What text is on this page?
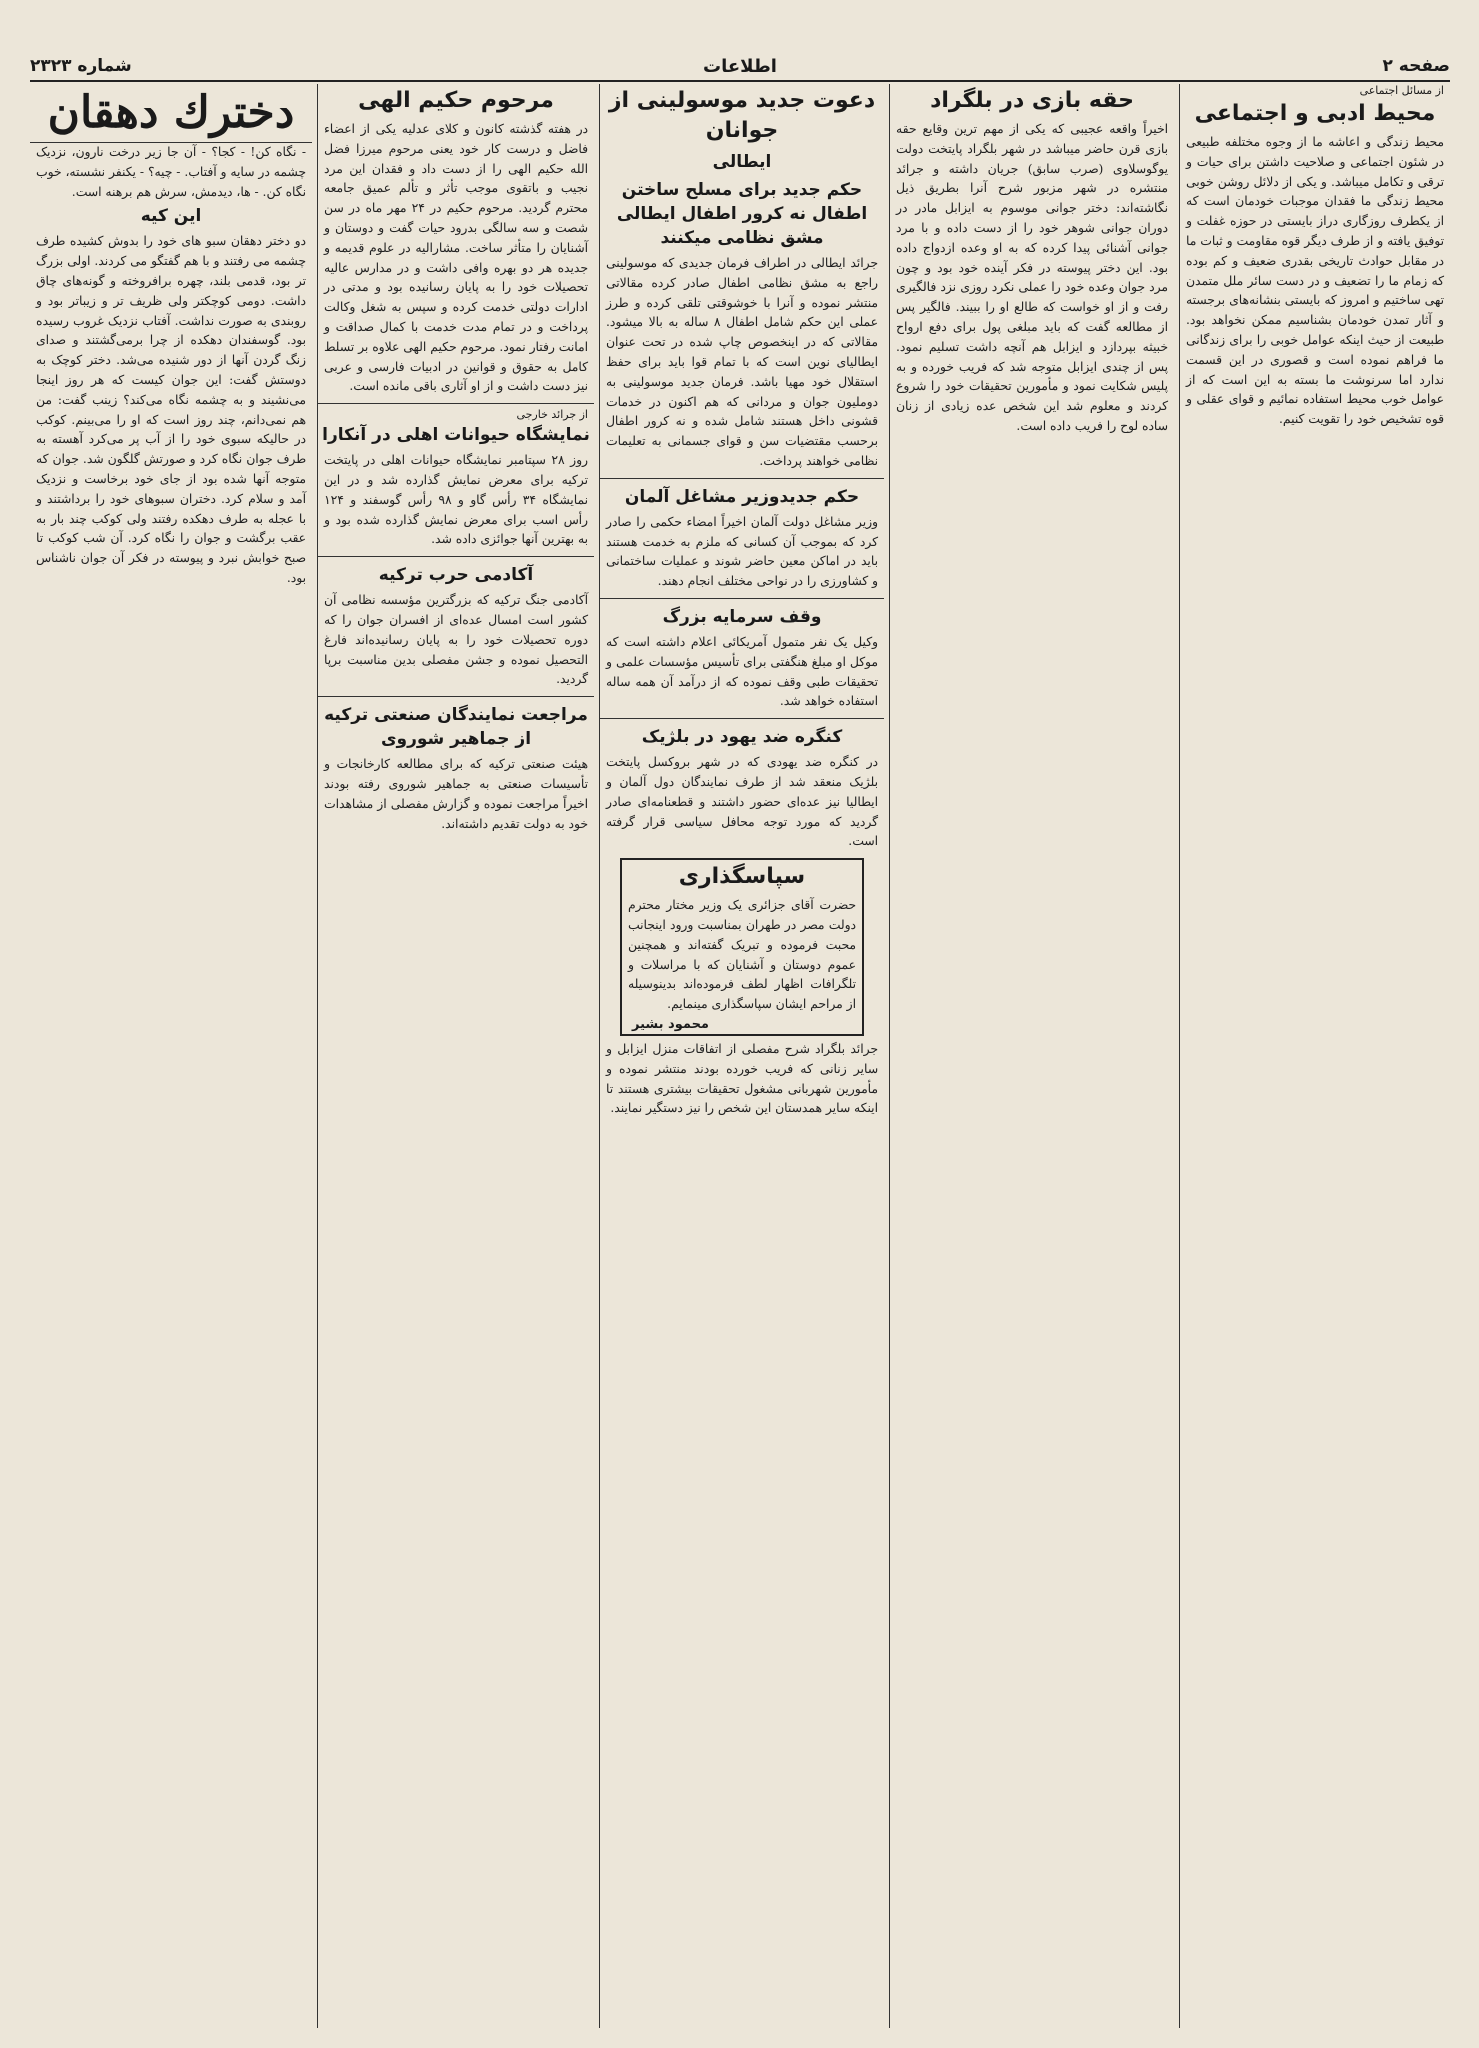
صفحه ۲
اطلاعات
شماره ۲۳۲۳
از مسائل اجتماعی
محیط ادبی و اجتماعی
محیط زندگی و اعاشه ما از وجوه مختلفه طبیعی در شئون اجتماعی و صلاحیت داشتن برای حیات و ترقی و تکامل میباشد. و یکی از دلائل روشن خوبی محیط زندگی ما فقدان موجبات خودمان است که از یکطرف روزگاری دراز بایستی در حوزه غفلت و توفیق یافته و از طرف دیگر قوه مقاومت و ثبات ما در مقابل حوادث تاریخی بقدری ضعیف و کم بوده که زمام ما را تضعیف و در دست سائر ملل متمدن تهی ساختیم و امروز که بایستی بنشانه‌های برجسته و آثار تمدن خودمان بشناسیم ممکن نخواهد بود. طبیعت از حیث اینکه عوامل خوبی را برای زندگانی ما فراهم نموده است و قصوری در این قسمت ندارد اما سرنوشت ما بسته به این است که از عوامل خوب محیط استفاده نمائیم و قوای عقلی و قوه تشخیص خود را تقویت کنیم.
حقه بازی در بلگراد
اخیراً واقعه عجیبی که یکی از مهم ترین وقایع حقه بازی قرن حاضر میباشد در شهر بلگراد پایتخت دولت یوگوسلاوی (صرب سابق) جریان داشته و جرائد منتشره در شهر مزبور شرح آنرا بطریق ذیل نگاشته‌اند: دختر جوانی موسوم به ایزابل مادر در دوران جوانی شوهر خود را از دست داده و با مرد جوانی آشنائی پیدا کرده که به او وعده ازدواج داده بود. این دختر پیوسته در فکر آینده خود بود و چون مرد جوان وعده خود را عملی نکرد روزی نزد فالگیری رفت و از او خواست که طالع او را ببیند. فالگیر پس از مطالعه گفت که باید مبلغی پول برای دفع ارواح خبیثه بپردازد و ایزابل هم آنچه داشت تسلیم نمود. پس از چندی ایزابل متوجه شد که فریب خورده و به پلیس شکایت نمود و مأمورین تحقیقات خود را شروع کردند و معلوم شد این شخص عده زیادی از زنان ساده لوح را فریب داده است.
دعوت جدید موسولینی از جوانان
ایطالی
حکم جدید برای مسلح ساختن اطفال نه کرور اطفال ایطالی مشق نظامی میکنند
جرائد ایطالی در اطراف فرمان جدیدی که موسولینی راجع به مشق نظامی اطفال صادر کرده مقالاتی منتشر نموده و آنرا با خوشوقتی تلقی کرده و طرز عملی این حکم شامل اطفال ۸ ساله به بالا میشود. مقالاتی که در اینخصوص چاپ شده در تحت عنوان ایطالیای نوین است که با تمام قوا باید برای حفظ استقلال خود مهیا باشد. فرمان جدید موسولینی به دوملیون جوان و مردانی که هم اکنون در خدمات قشونی داخل هستند شامل شده و نه کرور اطفال برحسب مقتضیات سن و قوای جسمانی به تعلیمات نظامی خواهند پرداخت.
حکم جدیدوزیر مشاغل آلمان
وزیر مشاغل دولت آلمان اخیراً امضاء حکمی را صادر کرد که بموجب آن کسانی که ملزم به خدمت هستند باید در اماکن معین حاضر شوند و عملیات ساختمانی و کشاورزی را در نواحی مختلف انجام دهند.
وقف سرمایه بزرگ
وکیل یک نفر متمول آمریکائی اعلام داشته است که موکل او مبلغ هنگفتی برای تأسیس مؤسسات علمی و تحقیقات طبی وقف نموده که از درآمد آن همه ساله استفاده خواهد شد.
کنگره ضد یهود در بلژیک
در کنگره ضد یهودی که در شهر بروکسل پایتخت بلژیک منعقد شد از طرف نمایندگان دول آلمان و ایطالیا نیز عده‌ای حضور داشتند و قطعنامه‌ای صادر گردید که مورد توجه محافل سیاسی قرار گرفته است.
سپاسگذاری
حضرت آقای جزائری یک وزیر مختار محترم دولت مصر در طهران بمناسبت ورود اینجانب محبت فرموده و تبریک گفته‌اند و همچنین عموم دوستان و آشنایان که با مراسلات و تلگرافات اظهار لطف فرموده‌اند بدینوسیله از مراحم ایشان سپاسگذاری مینمایم.
محمود بشیر
جرائد بلگراد شرح مفصلی از اتفاقات منزل ایزابل و سایر زنانی که فریب خورده بودند منتشر نموده و مأمورین شهربانی مشغول تحقیقات بیشتری هستند تا اینکه سایر همدستان این شخص را نیز دستگیر نمایند.
مرحوم حکیم الهی
در هفته گذشته کانون و کلای عدلیه یکی از اعضاء فاضل و درست کار خود یعنی مرحوم میرزا فضل الله حکیم الهی را از دست داد و فقدان این مرد نجیب و باتقوی موجب تأثر و تألم عمیق جامعه محترم گردید. مرحوم حکیم در ۲۴ مهر ماه در سن شصت و سه سالگی بدرود حیات گفت و دوستان و آشنایان را متأثر ساخت. مشارالیه در علوم قدیمه و جدیده هر دو بهره وافی داشت و در مدارس عالیه تحصیلات خود را به پایان رسانیده بود و مدتی در ادارات دولتی خدمت کرده و سپس به شغل وکالت پرداخت و در تمام مدت خدمت با کمال صداقت و امانت رفتار نمود. مرحوم حکیم الهی علاوه بر تسلط کامل به حقوق و قوانین در ادبیات فارسی و عربی نیز دست داشت و از او آثاری باقی مانده است.
از جرائد خارجی
نمایشگاه حیوانات اهلی در آنکارا
روز ۲۸ سپتامبر نمایشگاه حیوانات اهلی در پایتخت ترکیه برای معرض نمایش گذارده شد و در این نمایشگاه ۳۴ رأس گاو و ۹۸ رأس گوسفند و ۱۲۴ رأس اسب برای معرض نمایش گذارده شده بود و به بهترین آنها جوائزی داده شد.
آکادمی حرب ترکیه
آکادمی جنگ ترکیه که بزرگترین مؤسسه نظامی آن کشور است امسال عده‌ای از افسران جوان را که دوره تحصیلات خود را به پایان رسانیده‌اند فارغ التحصیل نموده و جشن مفصلی بدین مناسبت برپا گردید.
مراجعت نمایندگان صنعتی ترکیه از جماهیر شوروی
هیئت صنعتی ترکیه که برای مطالعه کارخانجات و تأسیسات صنعتی به جماهیر شوروی رفته بودند اخیراً مراجعت نموده و گزارش مفصلی از مشاهدات خود به دولت تقدیم داشته‌اند.
دخترك دهقان
- نگاه کن! - کجا؟ - آن جا زیر درخت نارون، نزدیک چشمه در سایه و آفتاب. - چیه؟ - یکنفر نشسته، خوب نگاه کن. - ها، دیدمش، سرش هم برهنه است.
این کیه
دو دختر دهقان سبو های خود را بدوش کشیده طرف چشمه می رفتند و با هم گفتگو می کردند. اولی بزرگ تر بود، قدمی بلند، چهره برافروخته و گونه‌های چاق داشت. دومی کوچکتر ولی ظریف تر و زیباتر بود و روبندی به صورت نداشت. آفتاب نزدیک غروب رسیده بود. گوسفندان دهکده از چرا برمی‌گشتند و صدای زنگ گردن آنها از دور شنیده می‌شد. دختر کوچک به دوستش گفت: این جوان کیست که هر روز اینجا می‌نشیند و به چشمه نگاه می‌کند؟ زینب گفت: من هم نمی‌دانم، چند روز است که او را می‌بینم. کوکب در حالیکه سبوی خود را از آب پر می‌کرد آهسته به طرف جوان نگاه کرد و صورتش گلگون شد. جوان که متوجه آنها شده بود از جای خود برخاست و نزدیک آمد و سلام کرد. دختران سبوهای خود را برداشتند و با عجله به طرف دهکده رفتند ولی کوکب چند بار به عقب برگشت و جوان را نگاه کرد. آن شب کوکب تا صبح خوابش نبرد و پیوسته در فکر آن جوان ناشناس بود.
